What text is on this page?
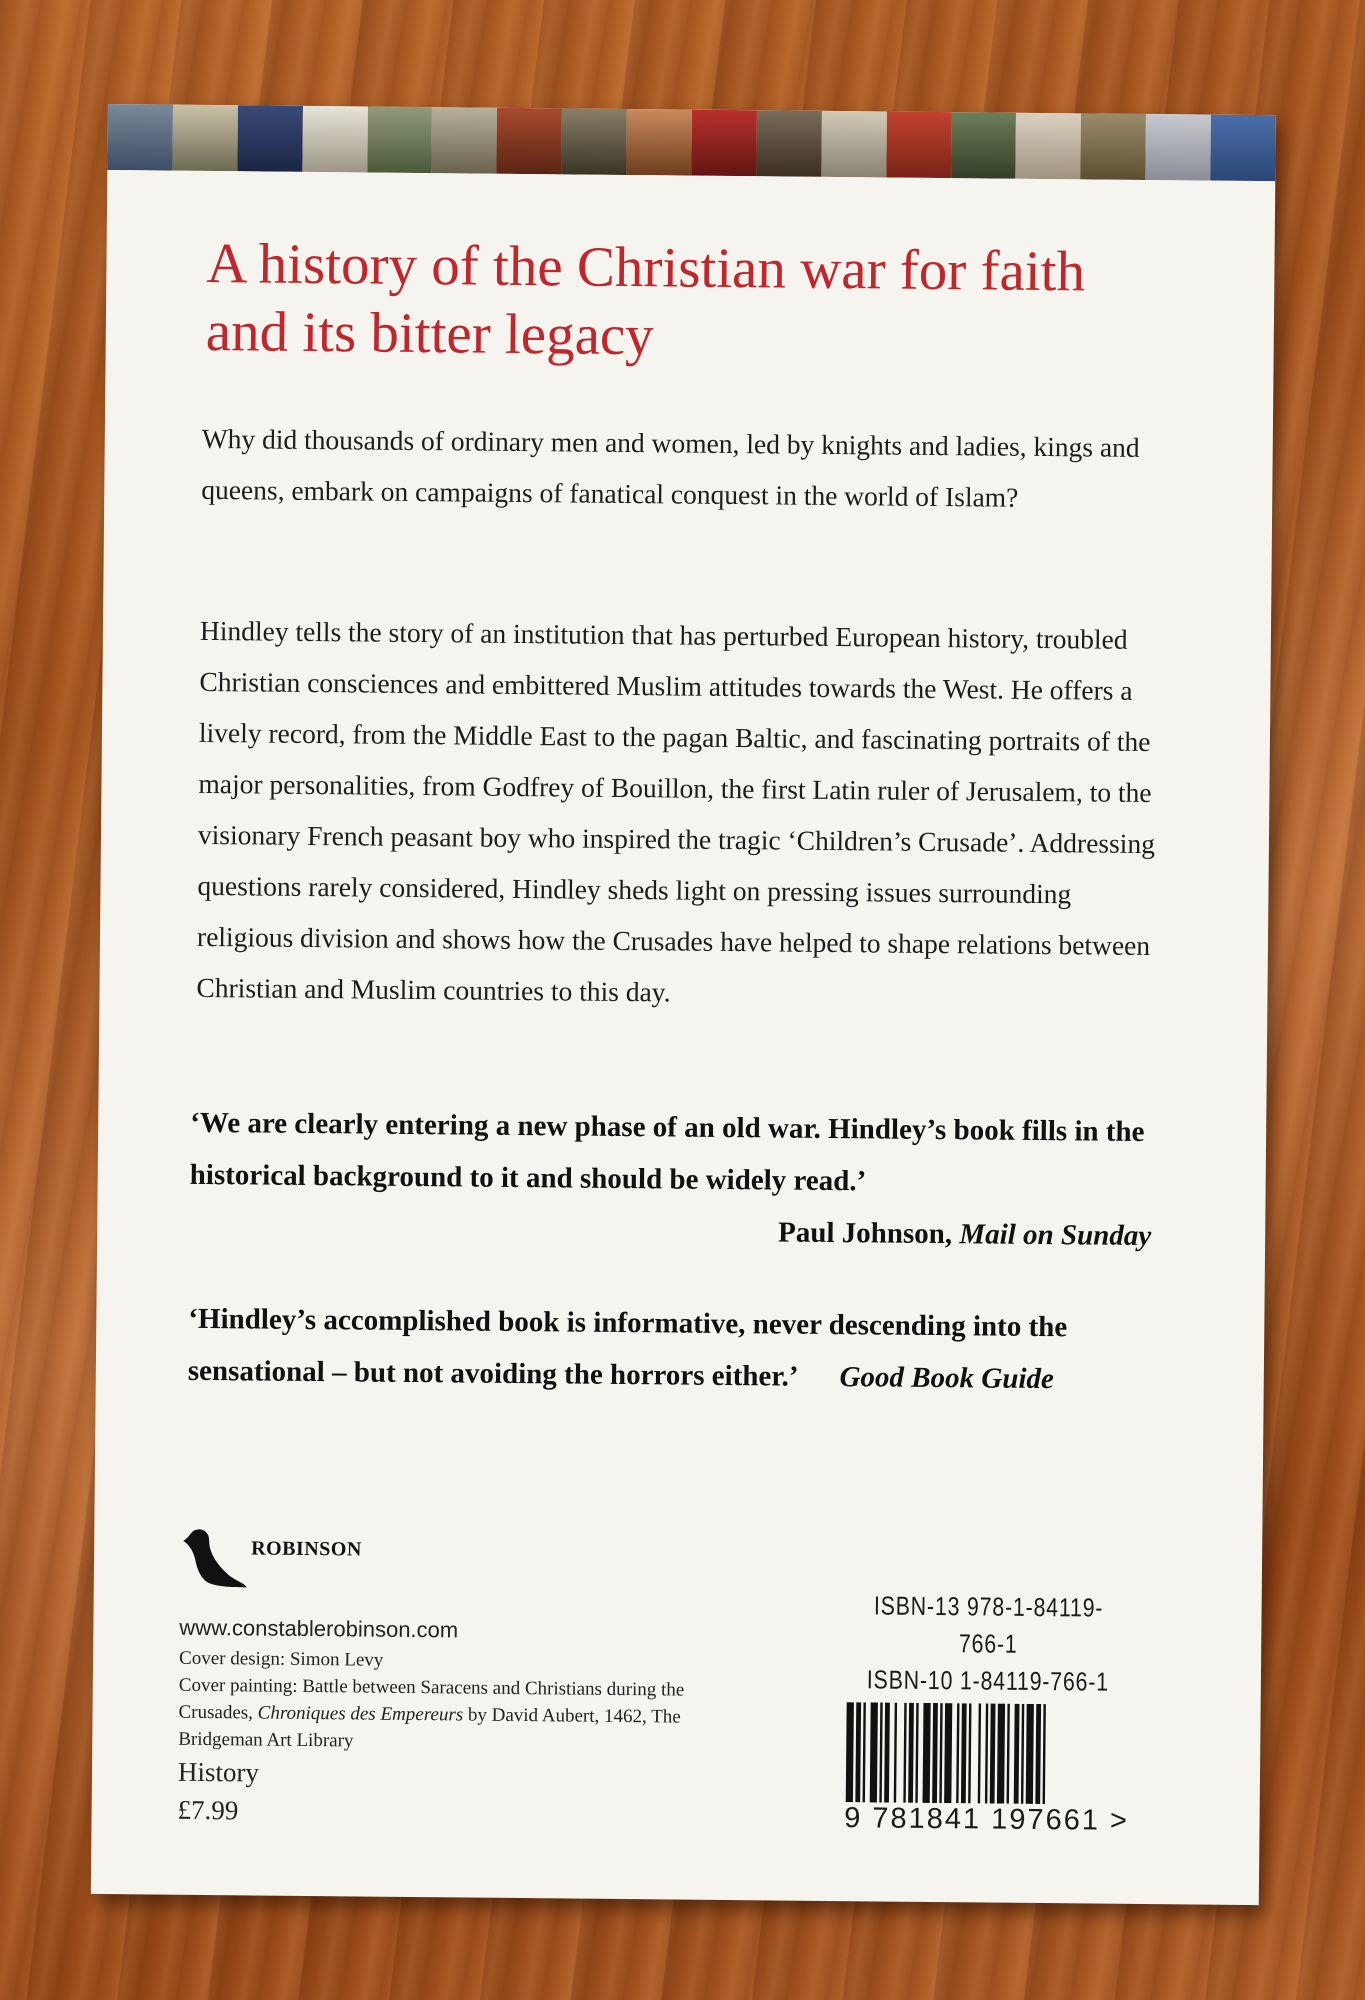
A history of the Christian war for faith and its bitter legacy

Why did thousands of ordinary men and women, led by knights and ladies, kings and queens, embark on campaigns of fanatical conquest in the world of Islam?

Hindley tells the story of an institution that has perturbed European history, troubled Christian consciences and embittered Muslim attitudes towards the West. He offers a lively record, from the Middle East to the pagan Baltic, and fascinating portraits of the major personalities, from Godfrey of Bouillon, the first Latin ruler of Jerusalem, to the visionary French peasant boy who inspired the tragic ‘Children’s Crusade’. Addressing questions rarely considered, Hindley sheds light on pressing issues surrounding religious division and shows how the Crusades have helped to shape relations between Christian and Muslim countries to this day.

‘We are clearly entering a new phase of an old war. Hindley’s book fills in the historical background to it and should be widely read.’

Paul Johnson, Mail on Sunday

‘Hindley’s accomplished book is informative, never descending into the sensational – but not avoiding the horrors either.’ Good Book Guide

ROBINSON

www.constablerobinson.com

Cover design: Simon Levy

Cover painting: Battle between Saracens and Christians during the Crusades, Chroniques des Empereurs by David Aubert, 1462, The Bridgeman Art Library

History

£7.99

ISBN-13 978-1-84119-766-1

ISBN-10 1-84119-766-1

9 781841 197661 >
